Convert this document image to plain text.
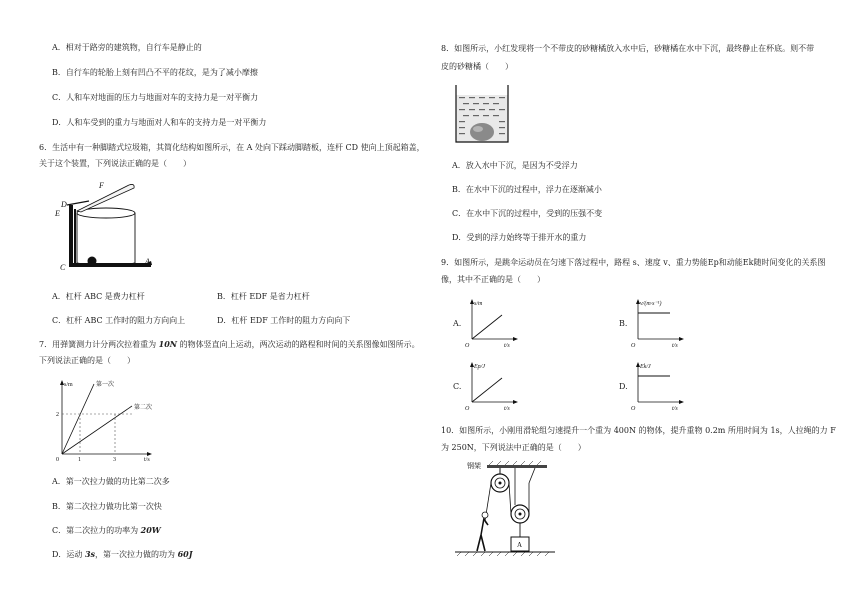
A．相对于路旁的建筑物，自行车是静止的
B．自行车的轮胎上刻有凹凸不平的花纹，是为了减小摩擦
C．人和车对地面的压力与地面对车的支持力是一对平衡力
D．人和车受到的重力与地面对人和车的支持力是一对平衡力
6．生活中有一种脚踏式垃圾箱，其简化结构如图所示，在 A 处向下踩动脚踏板，连杆 CD 使向上顶起箱盖，
关于这个装置，下列说法正确的是（　　）
F
D
E
C
B	A
A．杠杆 ABC 是费力杠杆	B．杠杆 EDF 是省力杠杆
C．杠杆 ABC 工作时的阻力方向向上	D．杠杆 EDF 工作时的阻力方向向下
7．用弹簧测力计分两次拉着重为 10N 的物体竖直向上运动，两次运动的路程和时间的关系图像如图所示。
下列说法正确的是（　　）
s/m
t/s
第一次
第二次
2
0	1	3
A．第一次拉力做的功比第二次多
B．第二次拉力做功比第一次快
C．第二次拉力的功率为 20W
D．运动 3s，第一次拉力做的功为 60J
8．如图所示，小红发现将一个不带皮的砂糖橘放入水中后，砂糖橘在水中下沉，最终静止在杯底。则不带
皮的砂糖橘（　　）
A．放入水中下沉，是因为不受浮力
B．在水中下沉的过程中，浮力在逐渐减小
C．在水中下沉的过程中，受到的压强不变
D．受到的浮力始终等于排开水的重力
9．如图所示，是跳伞运动员在匀速下落过程中，路程 s、速度 v、重力势能Ep和动能Ek随时间变化的关系图
像，其中不正确的是（　　）
A.
s/m
t/s
O
B.
v/(m·s⁻¹)
t/s
O
C.
Ep/J
t/s
O
D.
Ek/J
t/s
O
10．如图所示，小刚用滑轮组匀速提升一个重为 400N 的物体，提升重物 0.2m 所用时间为 1s，人拉绳的力 F
为 250N，下列说法中正确的是（　　）
钢架
A
